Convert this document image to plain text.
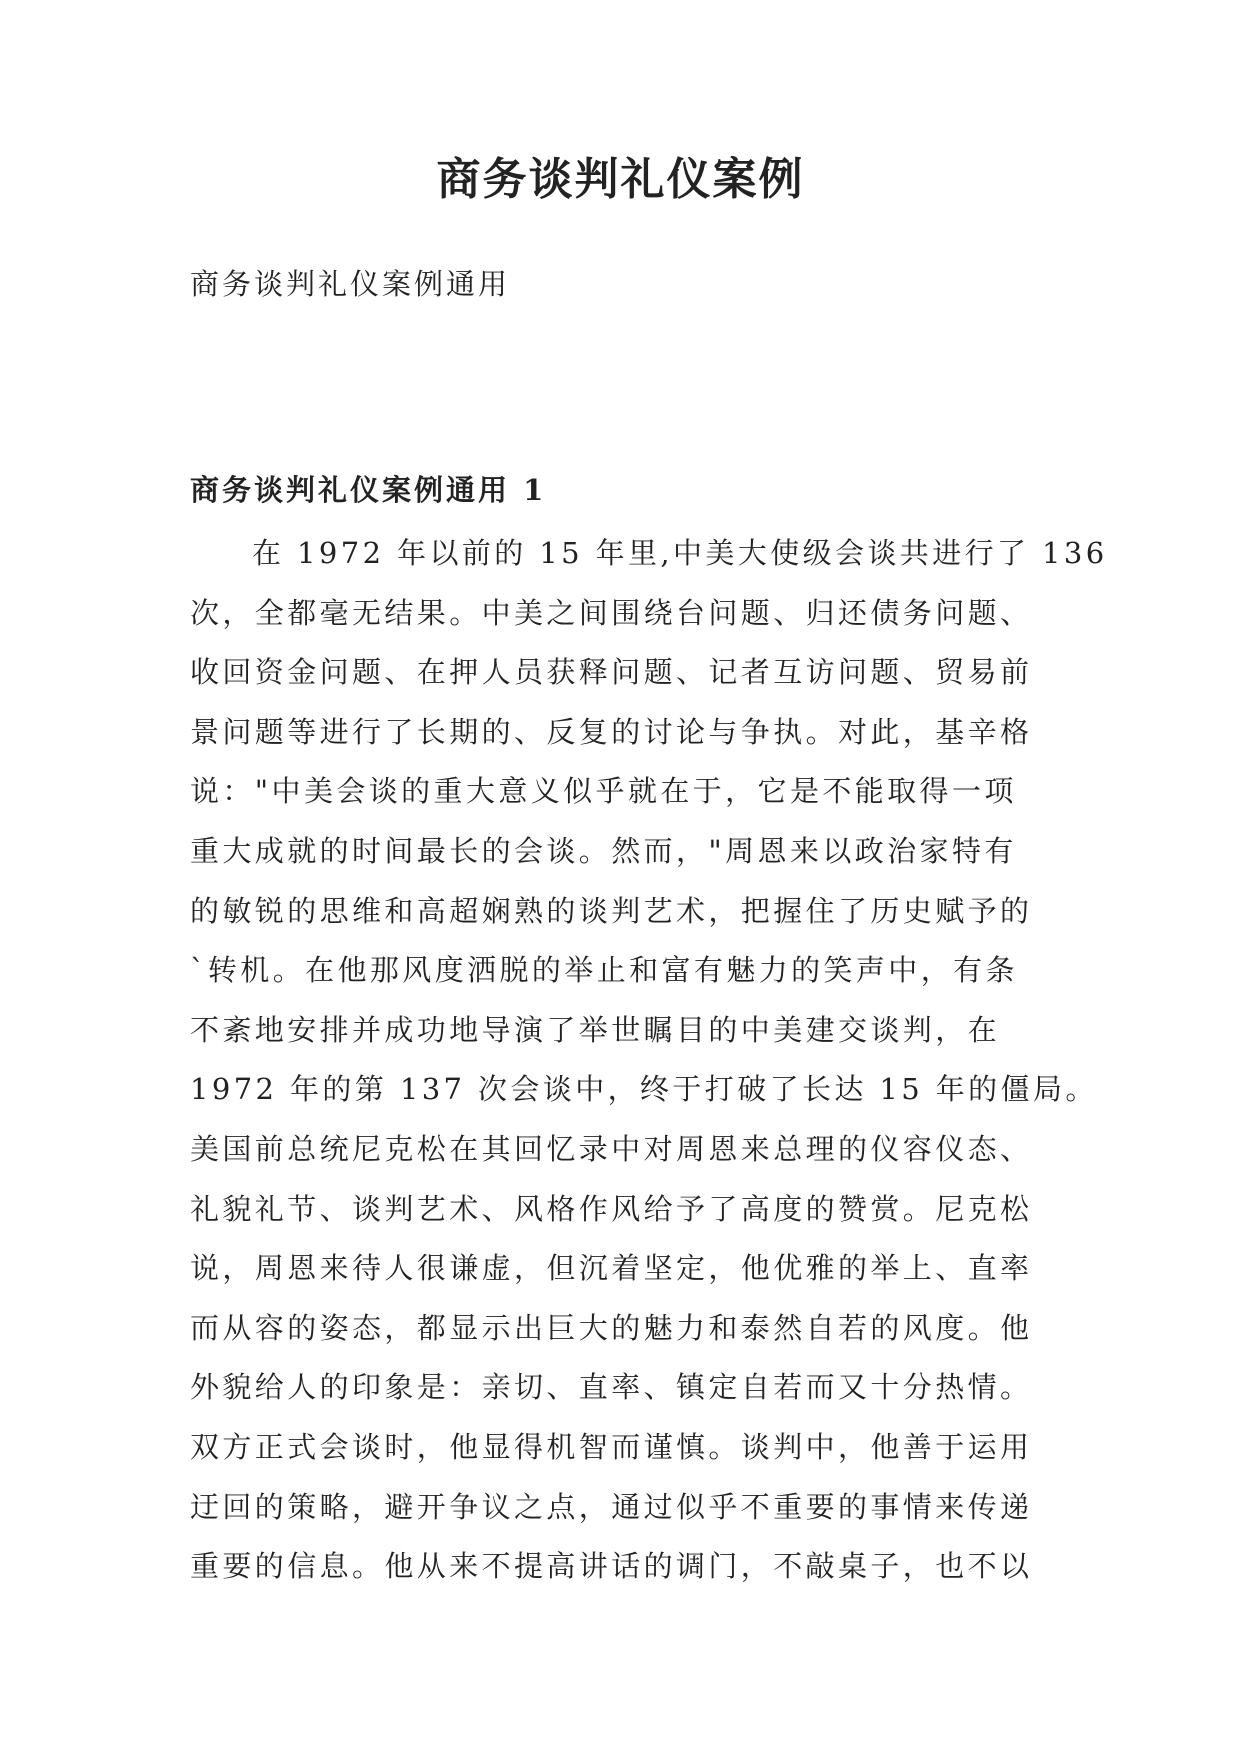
商务谈判礼仪案例

商务谈判礼仪案例通用

商务谈判礼仪案例通用 1
在 1972 年以前的 15 年里,中美大使级会谈共进行了 136
次，全都毫无结果。中美之间围绕台问题、归还债务问题、
收回资金问题、在押人员获释问题、记者互访问题、贸易前
景问题等进行了长期的、反复的讨论与争执。对此，基辛格
说："中美会谈的重大意义似乎就在于，它是不能取得一项
重大成就的时间最长的会谈。然而，"周恩来以政治家特有
的敏锐的思维和高超娴熟的谈判艺术，把握住了历史赋予的
`转机。在他那风度洒脱的举止和富有魅力的笑声中，有条
不紊地安排并成功地导演了举世瞩目的中美建交谈判，在
1972 年的第 137 次会谈中，终于打破了长达 15 年的僵局。
美国前总统尼克松在其回忆录中对周恩来总理的仪容仪态、
礼貌礼节、谈判艺术、风格作风给予了高度的赞赏。尼克松
说，周恩来待人很谦虚，但沉着坚定，他优雅的举上、直率
而从容的姿态，都显示出巨大的魅力和泰然自若的风度。他
外貌给人的印象是：亲切、直率、镇定自若而又十分热情。
双方正式会谈时，他显得机智而谨慎。谈判中，他善于运用
迂回的策略，避开争议之点，通过似乎不重要的事情来传递
重要的信息。他从来不提高讲话的调门，不敲桌子，也不以
